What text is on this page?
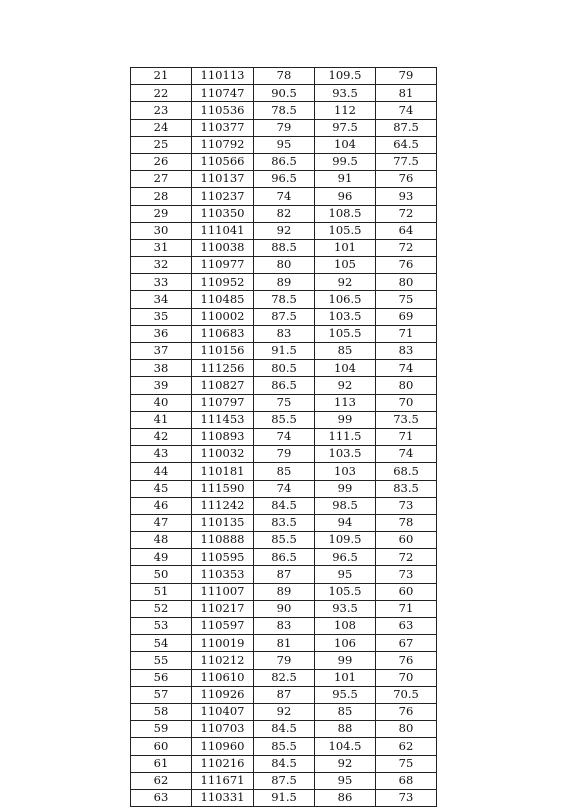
21	110113	78	109.5	79
22	110747	90.5	93.5	81
23	110536	78.5	112	74
24	110377	79	97.5	87.5
25	110792	95	104	64.5
26	110566	86.5	99.5	77.5
27	110137	96.5	91	76
28	110237	74	96	93
29	110350	82	108.5	72
30	111041	92	105.5	64
31	110038	88.5	101	72
32	110977	80	105	76
33	110952	89	92	80
34	110485	78.5	106.5	75
35	110002	87.5	103.5	69
36	110683	83	105.5	71
37	110156	91.5	85	83
38	111256	80.5	104	74
39	110827	86.5	92	80
40	110797	75	113	70
41	111453	85.5	99	73.5
42	110893	74	111.5	71
43	110032	79	103.5	74
44	110181	85	103	68.5
45	111590	74	99	83.5
46	111242	84.5	98.5	73
47	110135	83.5	94	78
48	110888	85.5	109.5	60
49	110595	86.5	96.5	72
50	110353	87	95	73
51	111007	89	105.5	60
52	110217	90	93.5	71
53	110597	83	108	63
54	110019	81	106	67
55	110212	79	99	76
56	110610	82.5	101	70
57	110926	87	95.5	70.5
58	110407	92	85	76
59	110703	84.5	88	80
60	110960	85.5	104.5	62
61	110216	84.5	92	75
62	111671	87.5	95	68
63	110331	91.5	86	73
